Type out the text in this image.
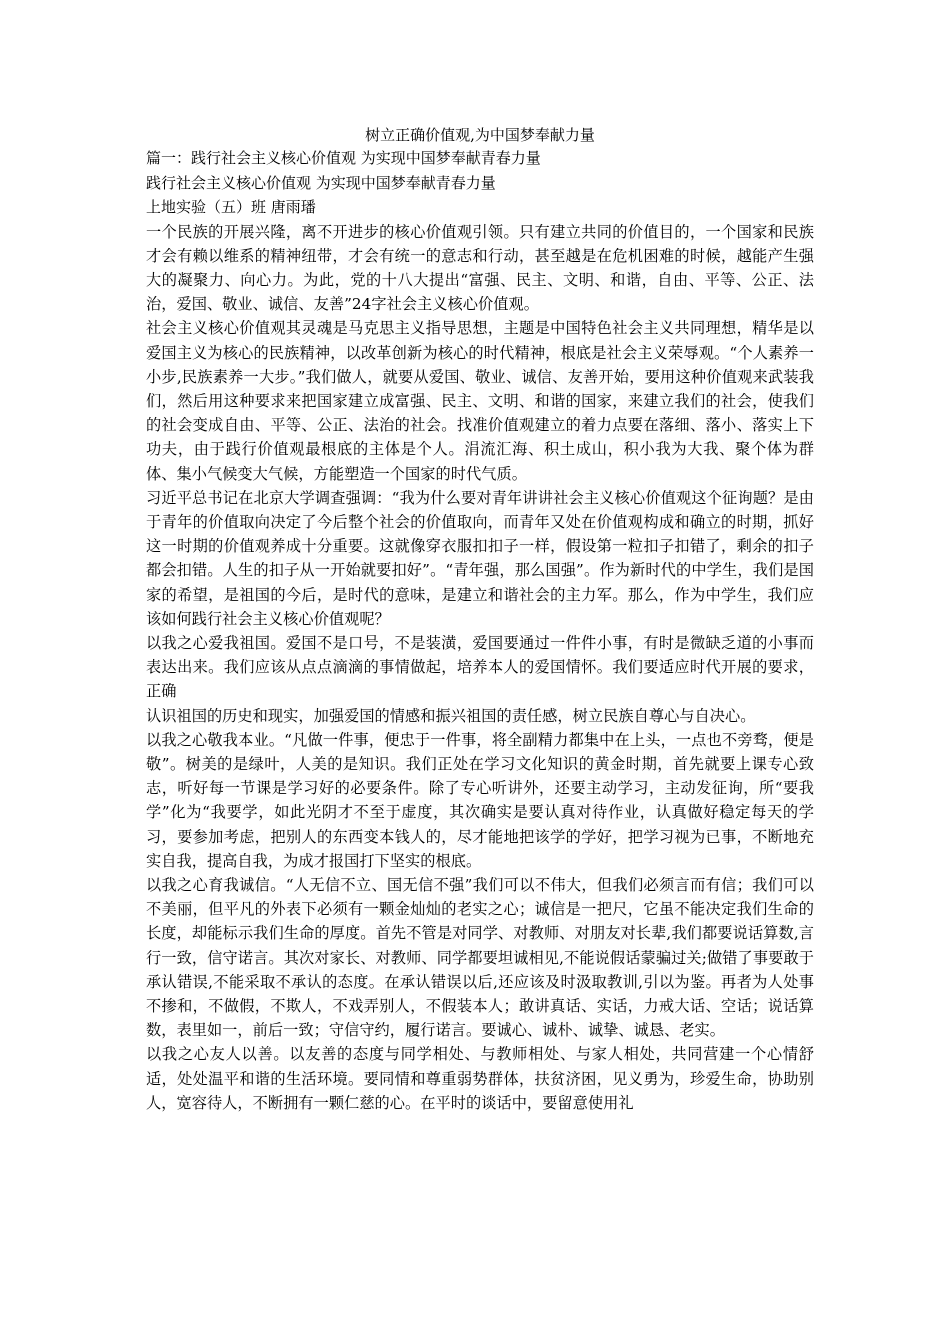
树立正确价值观,为中国梦奉献力量

篇一：践行社会主义核心价值观 为实现中国梦奉献青春力量

践行社会主义核心价值观 为实现中国梦奉献青春力量

上地实验（五）班 唐雨璠

一个民族的开展兴隆，离不开进步的核心价值观引领。只有建立共同的价值目的，一个国家和民族才会有赖以维系的精神纽带，才会有统一的意志和行动，甚至越是在危机困难的时候，越能产生强大的凝聚力、向心力。为此，党的十八大提出“富强、民主、文明、和谐，自由、平等、公正、法治，爱国、敬业、诚信、友善”24字社会主义核心价值观。

社会主义核心价值观其灵魂是马克思主义指导思想，主题是中国特色社会主义共同理想，精华是以爱国主义为核心的民族精神，以改革创新为核心的时代精神，根底是社会主义荣辱观。“个人素养一小步,民族素养一大步。”我们做人，就要从爱国、敬业、诚信、友善开始，要用这种价值观来武装我们，然后用这种要求来把国家建立成富强、民主、文明、和谐的国家，来建立我们的社会，使我们的社会变成自由、平等、公正、法治的社会。找准价值观建立的着力点要在落细、落小、落实上下功夫，由于践行价值观最根底的主体是个人。涓流汇海、积土成山，积小我为大我、聚个体为群体、集小气候变大气候，方能塑造一个国家的时代气质。

习近平总书记在北京大学调查强调：“我为什么要对青年讲讲社会主义核心价值观这个征询题？是由于青年的价值取向决定了今后整个社会的价值取向，而青年又处在价值观构成和确立的时期，抓好这一时期的价值观养成十分重要。这就像穿衣服扣扣子一样，假设第一粒扣子扣错了，剩余的扣子都会扣错。人生的扣子从一开始就要扣好”。“青年强，那么国强”。作为新时代的中学生，我们是国家的希望，是祖国的今后，是时代的意味，是建立和谐社会的主力军。那么，作为中学生，我们应该如何践行社会主义核心价值观呢？

以我之心爱我祖国。爱国不是口号，不是装潢，爱国要通过一件件小事，有时是微缺乏道的小事而表达出来。我们应该从点点滴滴的事情做起，培养本人的爱国情怀。我们要适应时代开展的要求，正确

认识祖国的历史和现实，加强爱国的情感和振兴祖国的责任感，树立民族自尊心与自决心。

以我之心敬我本业。“凡做一件事，便忠于一件事，将全副精力都集中在上头，一点也不旁骛，便是敬”。树美的是绿叶，人美的是知识。我们正处在学习文化知识的黄金时期，首先就要上课专心致志，听好每一节课是学习好的必要条件。除了专心听讲外，还要主动学习，主动发征询，所“要我学”化为“我要学，如此光阴才不至于虚度，其次确实是要认真对待作业，认真做好稳定每天的学习，要参加考虑，把别人的东西变本钱人的，尽才能地把该学的学好，把学习视为已事，不断地充实自我，提高自我，为成才报国打下坚实的根底。

以我之心育我诚信。“人无信不立、国无信不强”我们可以不伟大，但我们必须言而有信；我们可以不美丽，但平凡的外表下必须有一颗金灿灿的老实之心；诚信是一把尺，它虽不能决定我们生命的长度，却能标示我们生命的厚度。首先不管是对同学、对教师、对朋友对长辈,我们都要说话算数,言行一致，信守诺言。其次对家长、对教师、同学都要坦诚相见,不能说假话蒙骗过关;做错了事要敢于承认错误,不能采取不承认的态度。在承认错误以后,还应该及时汲取教训,引以为鉴。再者为人处事不掺和，不做假，不欺人，不戏弄别人，不假装本人；敢讲真话、实话，力戒大话、空话；说话算数，表里如一，前后一致；守信守约，履行诺言。要诚心、诚朴、诚挚、诚恳、老实。

以我之心友人以善。以友善的态度与同学相处、与教师相处、与家人相处，共同营建一个心情舒适，处处温平和谐的生活环境。要同情和尊重弱势群体，扶贫济困，见义勇为，珍爱生命，协助别人，宽容待人，不断拥有一颗仁慈的心。在平时的谈话中，要留意使用礼
